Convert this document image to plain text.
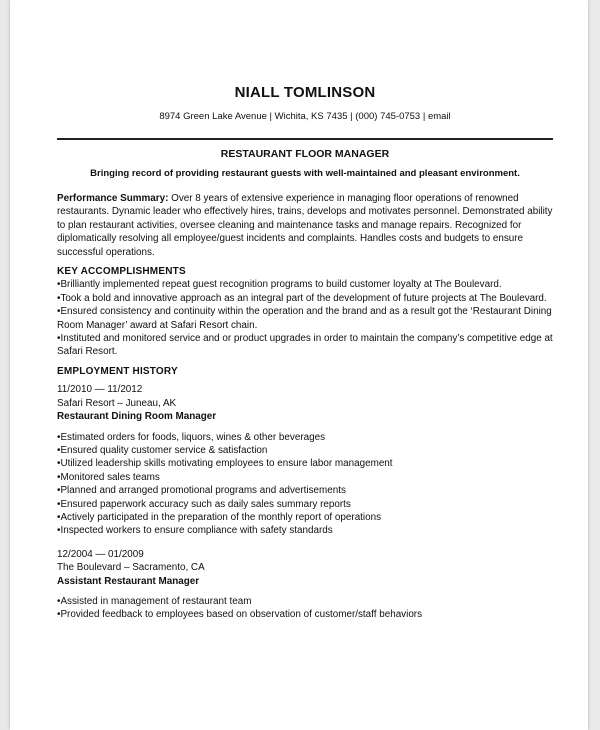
NIALL TOMLINSON
8974 Green Lake Avenue | Wichita, KS 7435 | (000) 745-0753 | email
RESTAURANT FLOOR MANAGER
Bringing record of providing restaurant guests with well-maintained and pleasant environment.

Performance Summary: Over 8 years of extensive experience in managing floor operations of renowned restaurants. Dynamic leader who effectively hires, trains, develops and motivates personnel. Demonstrated ability to plan restaurant activities, oversee cleaning and maintenance tasks and manage repairs. Recognized for diplomatically resolving all employee/guest incidents and complaints. Handles costs and budgets to ensure successful operations.

KEY ACCOMPLISHMENTS
• Brilliantly implemented repeat guest recognition programs to build customer loyalty at The Boulevard.
• Took a bold and innovative approach as an integral part of the development of future projects at The Boulevard.
• Ensured consistency and continuity within the operation and the brand and as a result got the ‘Restaurant Dining Room Manager’ award at Safari Resort chain.
• Instituted and monitored service and or product upgrades in order to maintain the company’s competitive edge at Safari Resort.
EMPLOYMENT HISTORY
11/2010 — 11/2012
Safari Resort – Juneau, AK
Restaurant Dining Room Manager
• Estimated orders for foods, liquors, wines & other beverages
• Ensured quality customer service & satisfaction
• Utilized leadership skills motivating employees to ensure labor management
• Monitored sales teams
• Planned and arranged promotional programs and advertisements
• Ensured paperwork accuracy such as daily sales summary reports
• Actively participated in the preparation of the monthly report of operations
• Inspected workers to ensure compliance with safety standards
12/2004 — 01/2009
The Boulevard – Sacramento, CA
Assistant Restaurant Manager
• Assisted in management of restaurant team
• Provided feedback to employees based on observation of customer/staff behaviors
